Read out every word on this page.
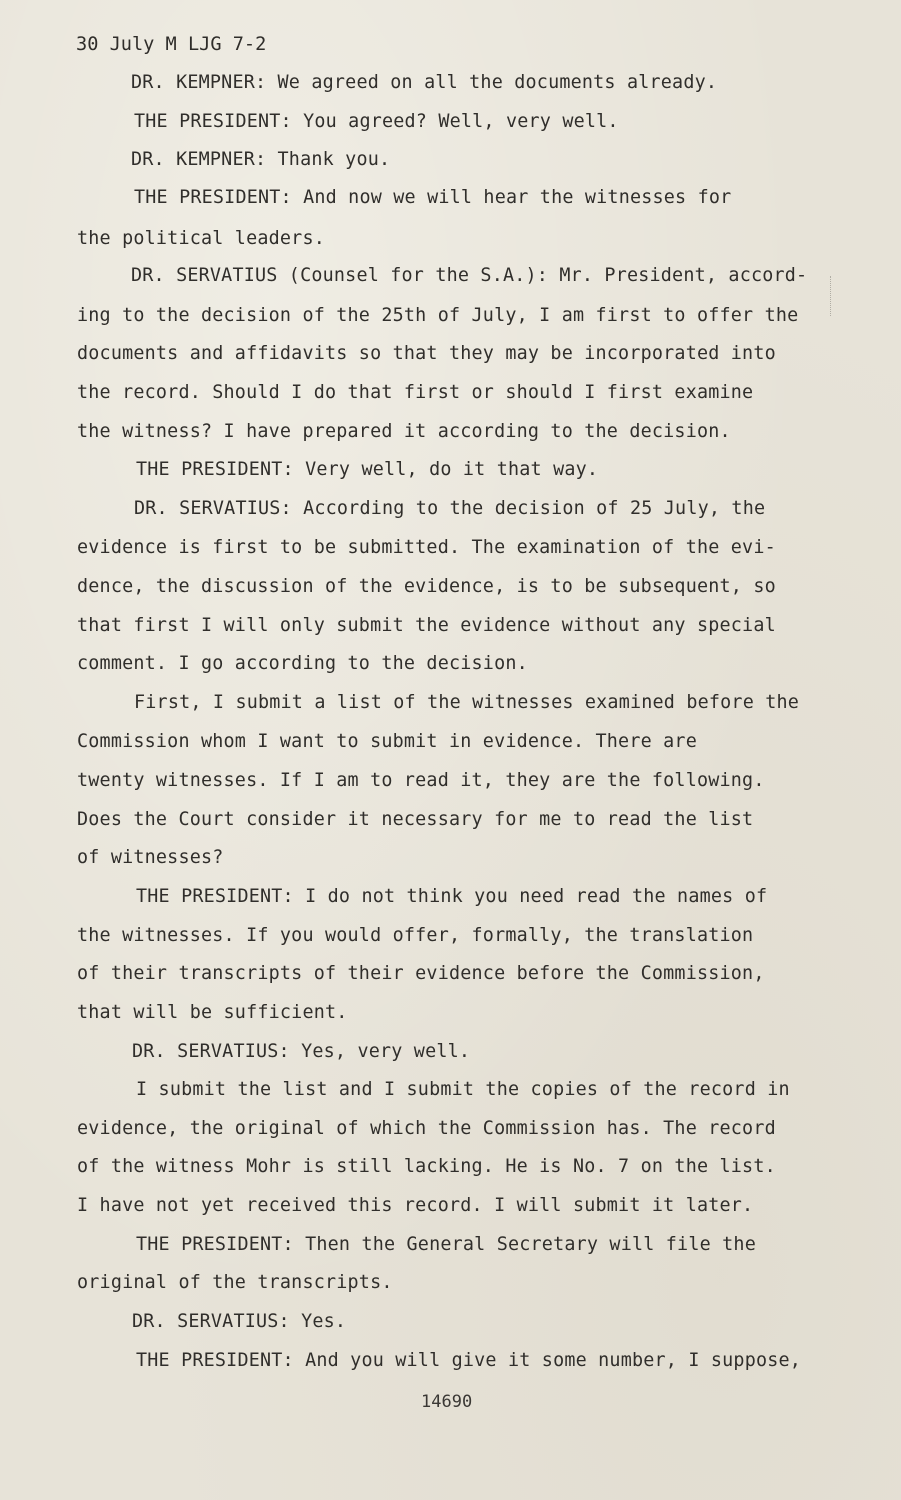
30 July M LJG 7-2
DR. KEMPNER: We agreed on all the documents already.
THE PRESIDENT: You agreed? Well, very well.
DR. KEMPNER: Thank you.
THE PRESIDENT: And now we will hear the witnesses for
the political leaders.
DR. SERVATIUS (Counsel for the S.A.): Mr. President, accord-
ing to the decision of the 25th of July, I am first to offer the
documents and affidavits so that they may be incorporated into
the record. Should I do that first or should I first examine
the witness? I have prepared it according to the decision.
THE PRESIDENT: Very well, do it that way.
DR. SERVATIUS: According to the decision of 25 July, the
evidence is first to be submitted. The examination of the evi-
dence, the discussion of the evidence, is to be subsequent, so
that first I will only submit the evidence without any special
comment. I go according to the decision.
First, I submit a list of the witnesses examined before the
Commission whom I want to submit in evidence. There are
twenty witnesses. If I am to read it, they are the following.
Does the Court consider it necessary for me to read the list
of witnesses?
THE PRESIDENT: I do not think you need read the names of
the witnesses. If you would offer, formally, the translation
of their transcripts of their evidence before the Commission,
that will be sufficient.
DR. SERVATIUS: Yes, very well.
I submit the list and I submit the copies of the record in
evidence, the original of which the Commission has. The record
of the witness Mohr is still lacking. He is No. 7 on the list.
I have not yet received this record. I will submit it later.
THE PRESIDENT: Then the General Secretary will file the
original of the transcripts.
DR. SERVATIUS: Yes.
THE PRESIDENT: And you will give it some number, I suppose,
14690
